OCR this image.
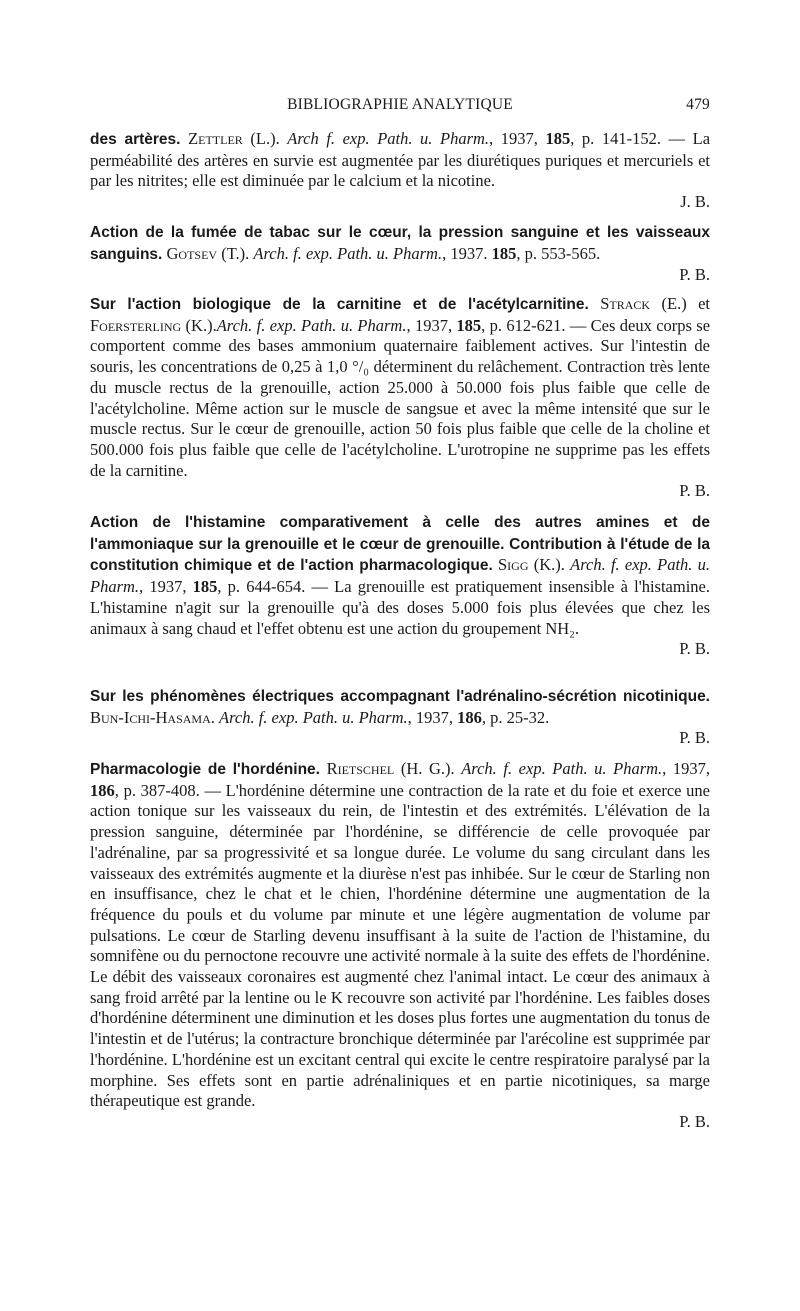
BIBLIOGRAPHIE ANALYTIQUE	479
des artères. Zettler (L.). Arch f. exp. Path. u. Pharm., 1937, 185, p. 141-152. — La perméabilité des artères en survie est augmentée par les diurétiques puriques et mercuriels et par les nitrites; elle est diminuée par le calcium et la nicotine.
J. B.
Action de la fumée de tabac sur le cœur, la pression sanguine et les vaisseaux sanguins. Gotsev (T.). Arch. f. exp. Path. u. Pharm., 1937. 185, p. 553-565.
P. B.
Sur l'action biologique de la carnitine et de l'acétylcarnitine. Strack (E.) et Foersterling (K.).Arch. f. exp. Path. u. Pharm., 1937, 185, p. 612-621. — Ces deux corps se comportent comme des bases ammonium quaternaire faiblement actives. Sur l'intestin de souris, les concentrations de 0,25 à 1,0 °/₀ déterminent du relâchement. Contraction très lente du muscle rectus de la grenouille, action 25.000 à 50.000 fois plus faible que celle de l'acétylcholine. Même action sur le muscle de sangsue et avec la même intensité que sur le muscle rectus. Sur le cœur de grenouille, action 50 fois plus faible que celle de la choline et 500.000 fois plus faible que celle de l'acétylcholine. L'urotropine ne supprime pas les effets de la carnitine.
P. B.
Action de l'histamine comparativement à celle des autres amines et de l'ammoniaque sur la grenouille et le cœur de grenouille. Contribution à l'étude de la constitution chimique et de l'action pharmacologique. Sigg (K.). Arch. f. exp. Path. u. Pharm., 1937, 185, p. 644-654. — La grenouille est pratiquement insensible à l'histamine. L'histamine n'agit sur la grenouille qu'à des doses 5.000 fois plus élevées que chez les animaux à sang chaud et l'effet obtenu est une action du groupement NH₂.
P. B.
Sur les phénomènes électriques accompagnant l'adrénalino-sécrétion nicotinique. Bun-Ichi-Hasama. Arch. f. exp. Path. u. Pharm., 1937, 186, p. 25-32.
P. B.
Pharmacologie de l'hordénine. Rietschel (H. G.). Arch. f. exp. Path. u. Pharm., 1937, 186, p. 387-408. — L'hordénine détermine une contraction de la rate et du foie et exerce une action tonique sur les vaisseaux du rein, de l'intestin et des extrémités. L'élévation de la pression sanguine, déterminée par l'hordénine, se différencie de celle provoquée par l'adrénaline, par sa progressivité et sa longue durée. Le volume du sang circulant dans les vaisseaux des extrémités augmente et la diurèse n'est pas inhibée. Sur le cœur de Starling non en insuffisance, chez le chat et le chien, l'hordénine détermine une augmentation de la fréquence du pouls et du volume par minute et une légère augmentation de volume par pulsations. Le cœur de Starling devenu insuffisant à la suite de l'action de l'histamine, du somnifène ou du pernoctone recouvre une activité normale à la suite des effets de l'hordénine. Le débit des vaisseaux coronaires est augmenté chez l'animal intact. Le cœur des animaux à sang froid arrêté par la lentine ou le K recouvre son activité par l'hordénine. Les faibles doses d'hordénine déterminent une diminution et les doses plus fortes une augmentation du tonus de l'intestin et de l'utérus; la contracture bronchique déterminée par l'arécoline est supprimée par l'hordénine. L'hordénine est un excitant central qui excite le centre respiratoire paralysé par la morphine. Ses effets sont en partie adrénaliniques et en partie nicotiniques, sa marge thérapeutique est grande.
P. B.
